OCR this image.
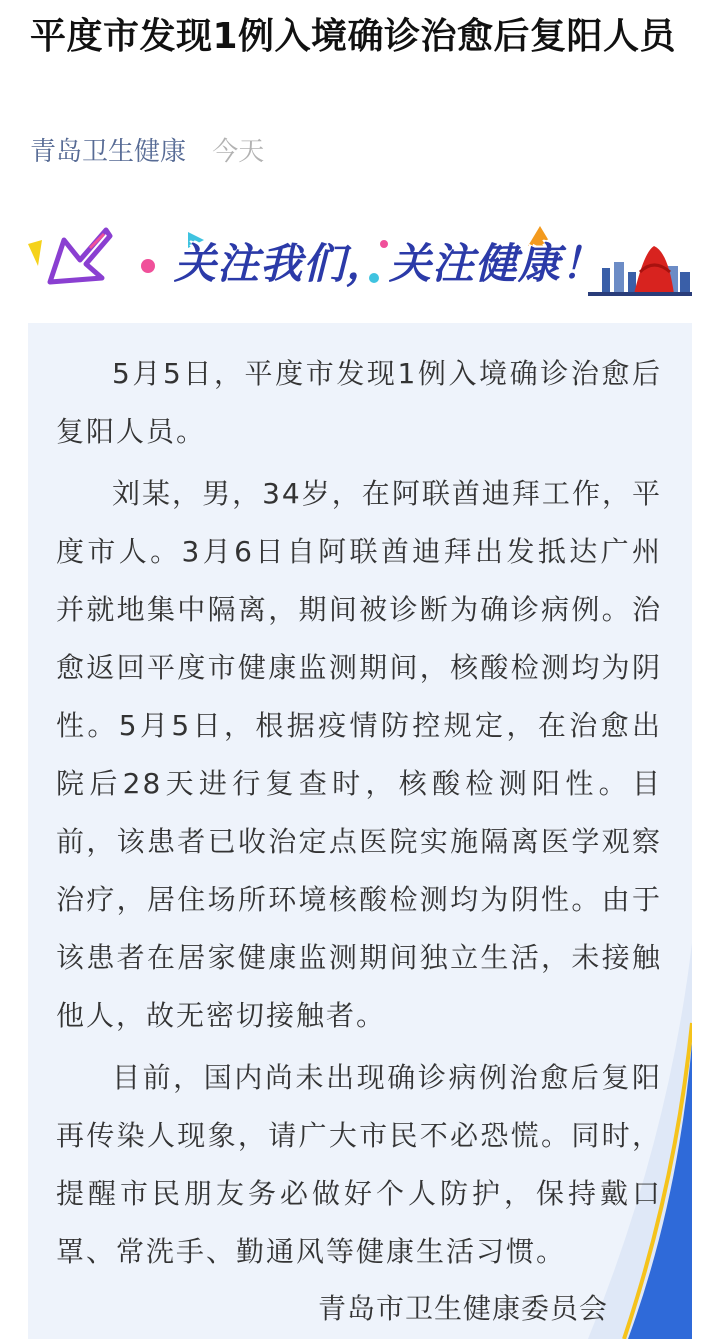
平度市发现1例入境确诊治愈后复阳人员
青岛卫生健康 今天
关注我们，关注健康！

5月5日，平度市发现1例入境确诊治愈后复阳人员。

刘某，男，34岁，在阿联酋迪拜工作，平度市人。3月6日自阿联酋迪拜出发抵达广州并就地集中隔离，期间被诊断为确诊病例。治愈返回平度市健康监测期间，核酸检测均为阴性。5月5日，根据疫情防控规定，在治愈出院后28天进行复查时，核酸检测阳性。目前，该患者已收治定点医院实施隔离医学观察治疗，居住场所环境核酸检测均为阴性。由于该患者在居家健康监测期间独立生活，未接触他人，故无密切接触者。

目前，国内尚未出现确诊病例治愈后复阳再传染人现象，请广大市民不必恐慌。同时，提醒市民朋友务必做好个人防护，保持戴口罩、常洗手、勤通风等健康生活习惯。

青岛市卫生健康委员会
